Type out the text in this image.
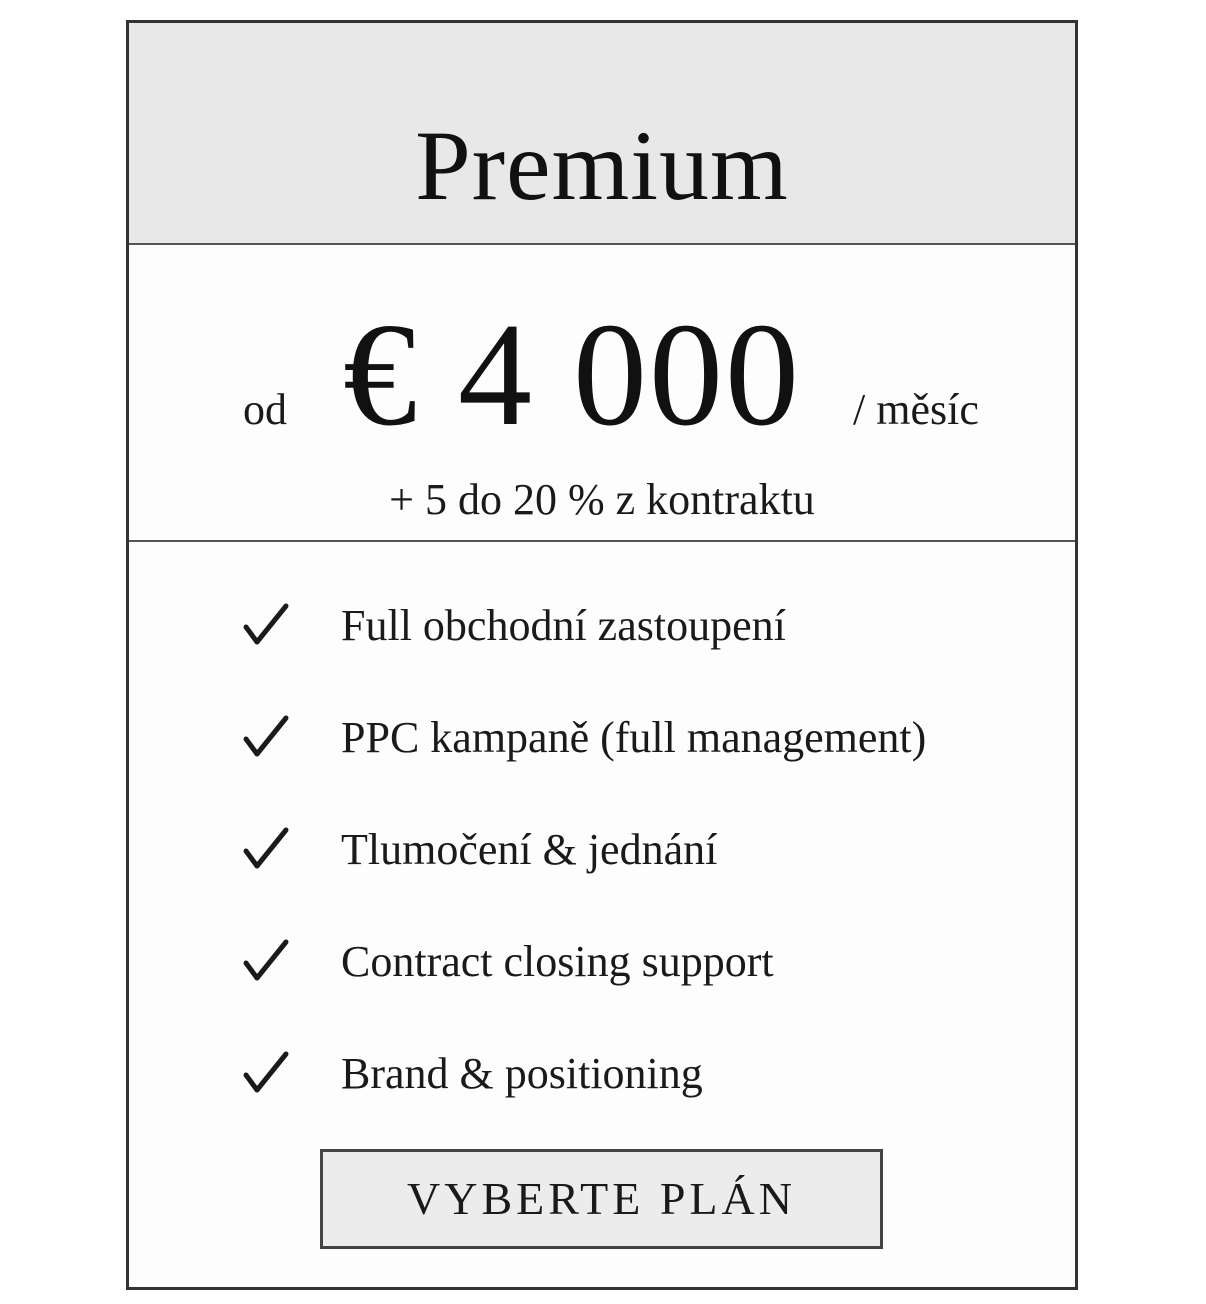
Premium
od € 4 000 / měsíc
+ 5 do 20 % z kontraktu
Full obchodní zastoupení
PPC kampaně (full management)
Tlumočení & jednání
Contract closing support
Brand & positioning
VYBERTE PLÁN
